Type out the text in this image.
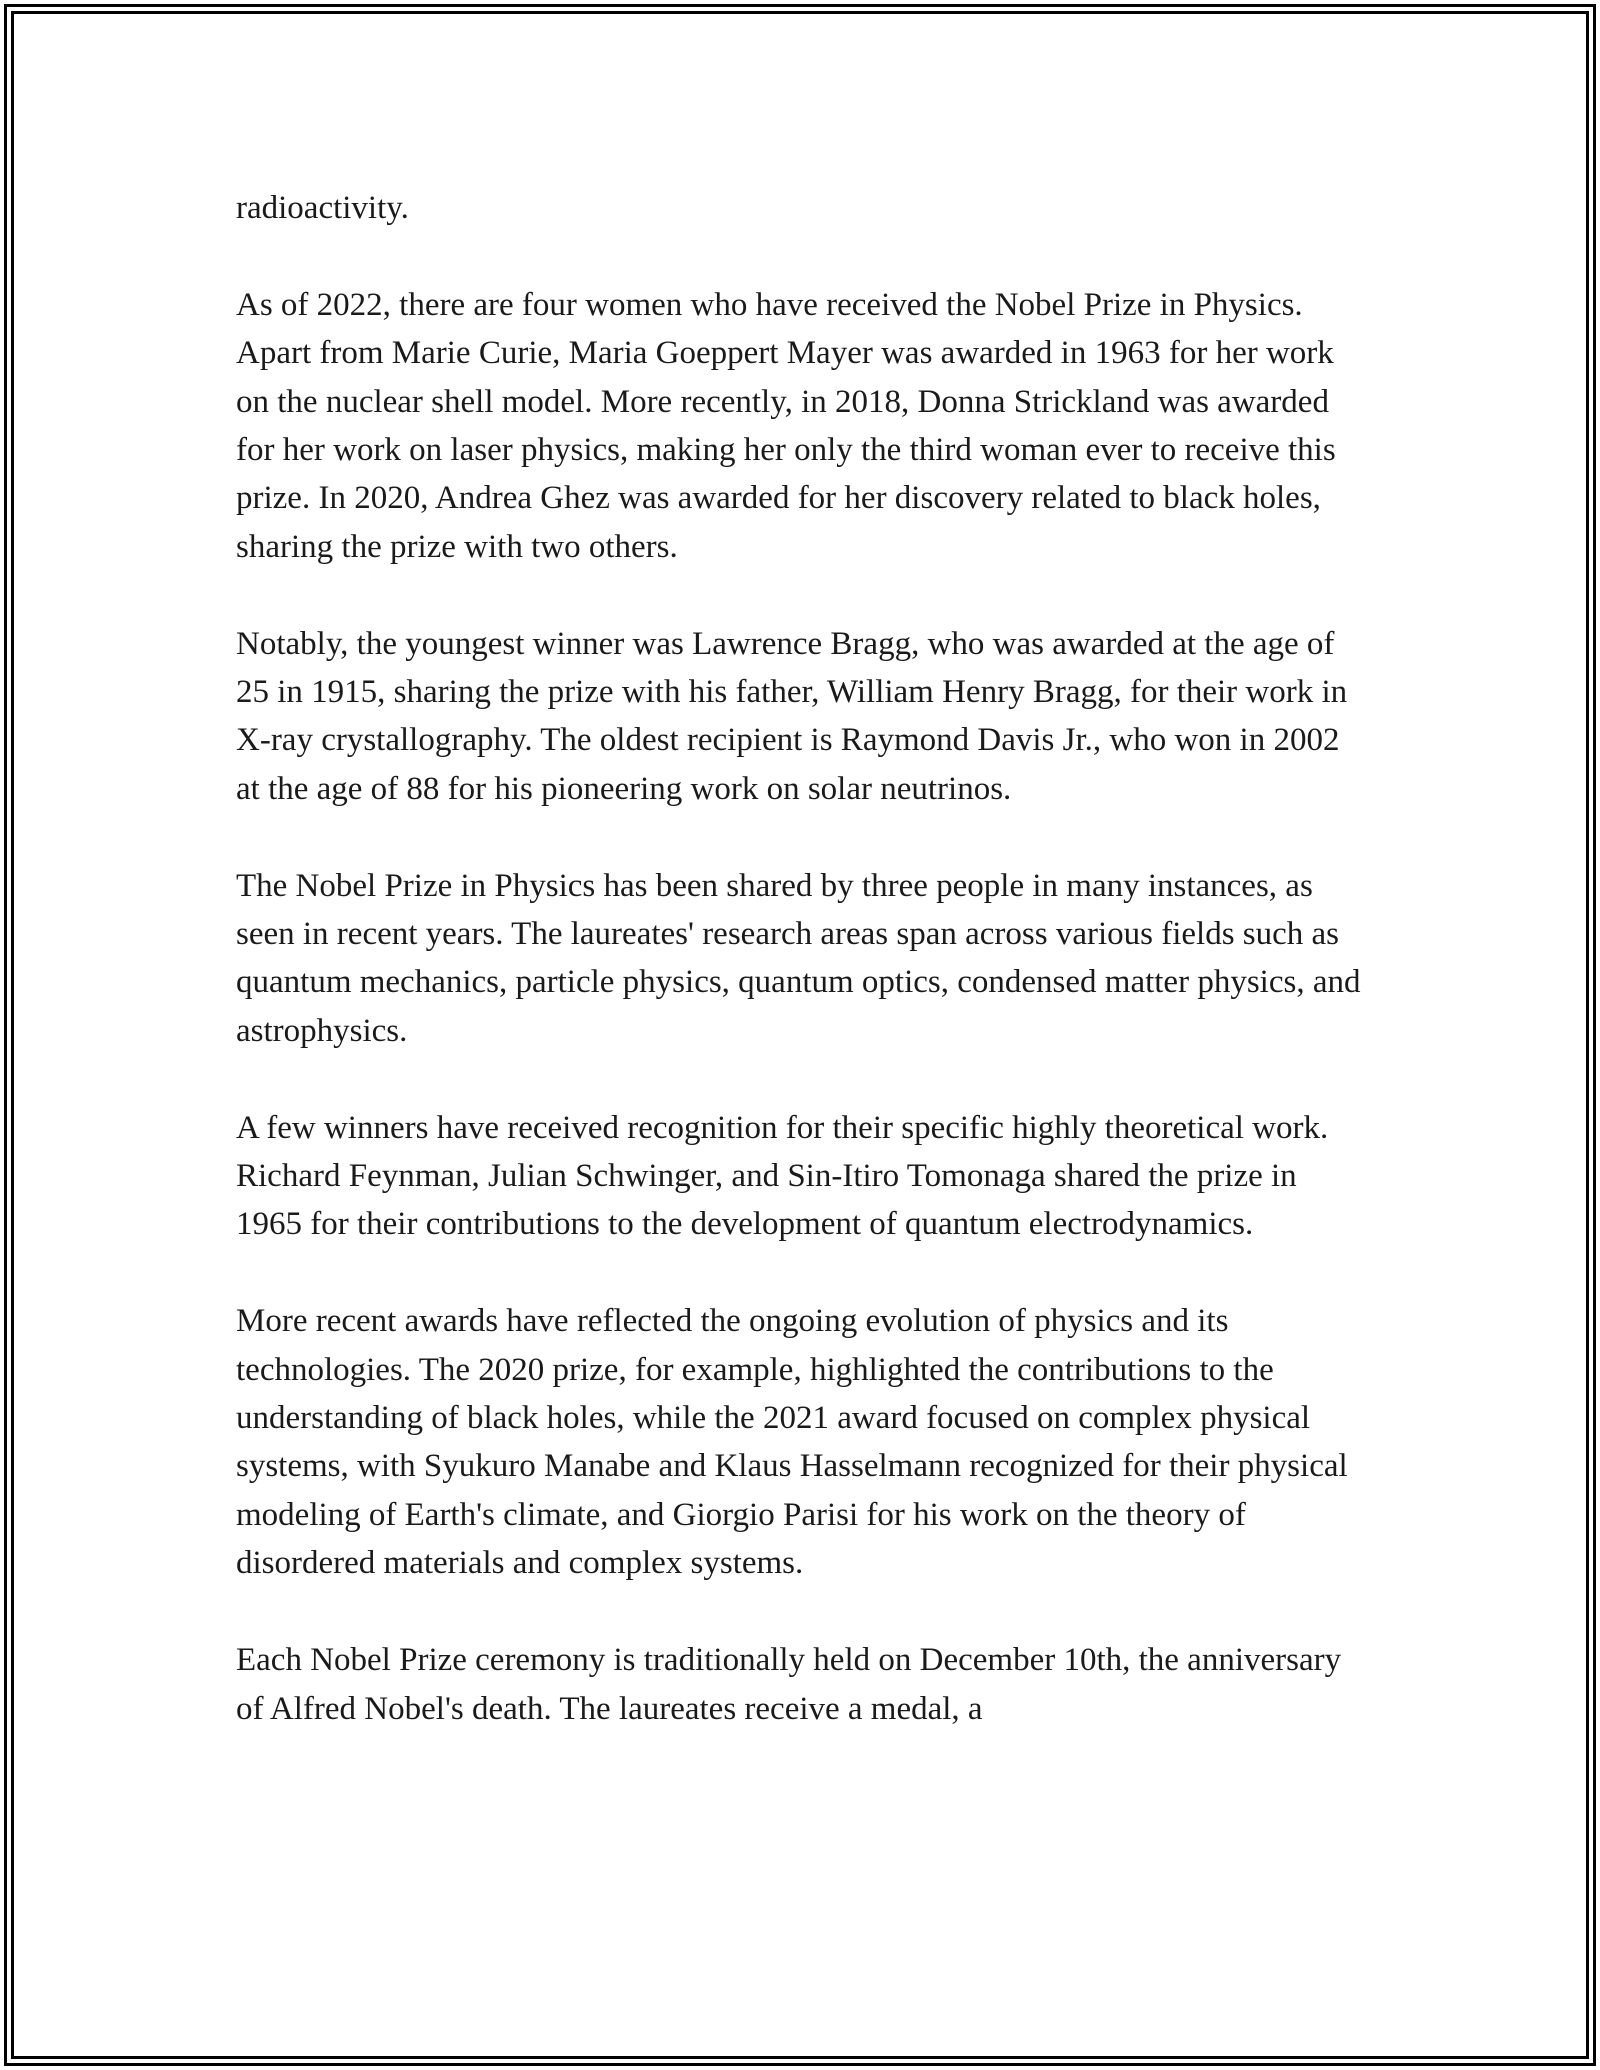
radioactivity.

As of 2022, there are four women who have received the Nobel Prize in Physics. Apart from Marie Curie, Maria Goeppert Mayer was awarded in 1963 for her work on the nuclear shell model. More recently, in 2018, Donna Strickland was awarded for her work on laser physics, making her only the third woman ever to receive this prize. In 2020, Andrea Ghez was awarded for her discovery related to black holes, sharing the prize with two others.

Notably, the youngest winner was Lawrence Bragg, who was awarded at the age of 25 in 1915, sharing the prize with his father, William Henry Bragg, for their work in X-ray crystallography. The oldest recipient is Raymond Davis Jr., who won in 2002 at the age of 88 for his pioneering work on solar neutrinos.

The Nobel Prize in Physics has been shared by three people in many instances, as seen in recent years. The laureates' research areas span across various fields such as quantum mechanics, particle physics, quantum optics, condensed matter physics, and astrophysics.

A few winners have received recognition for their specific highly theoretical work. Richard Feynman, Julian Schwinger, and Sin-Itiro Tomonaga shared the prize in 1965 for their contributions to the development of quantum electrodynamics.

More recent awards have reflected the ongoing evolution of physics and its technologies. The 2020 prize, for example, highlighted the contributions to the understanding of black holes, while the 2021 award focused on complex physical systems, with Syukuro Manabe and Klaus Hasselmann recognized for their physical modeling of Earth's climate, and Giorgio Parisi for his work on the theory of disordered materials and complex systems.

Each Nobel Prize ceremony is traditionally held on December 10th, the anniversary of Alfred Nobel's death. The laureates receive a medal, a
